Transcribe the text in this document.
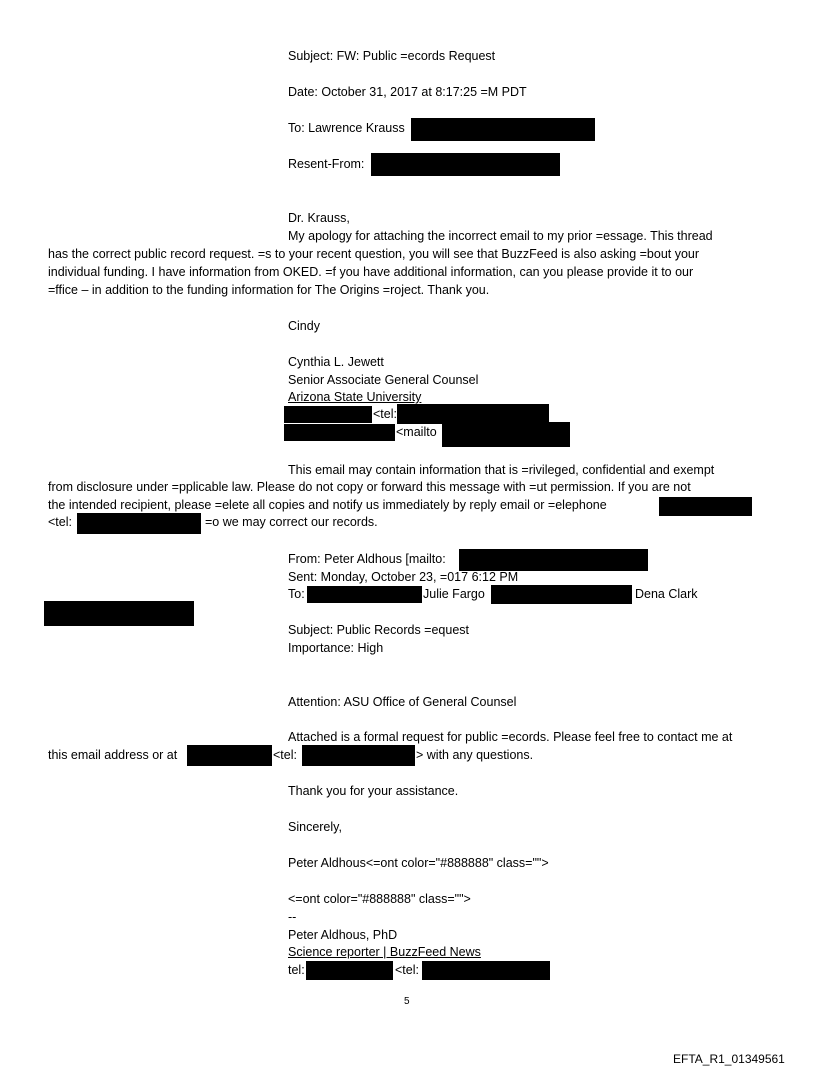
Subject: FW: Public =ecords Request
Date: October 31, 2017 at 8:17:25 =M PDT
To: Lawrence Krauss
Resent-From:
Dr. Krauss,
My apology for attaching the incorrect email to my prior =essage. This thread
has the correct public record request. =s to your recent question, you will see that BuzzFeed is also asking =bout your
individual funding. I have information from OKED. =f you have additional information, can you please provide it to our
=ffice – in addition to the funding information for The Origins =roject. Thank you.
Cindy
Cynthia L. Jewett
Senior Associate General Counsel
Arizona State University
<tel:
<mailto
This email may contain information that is =rivileged, confidential and exempt
from disclosure under =pplicable law. Please do not copy or forward this message with =ut permission. If you are not
the intended recipient, please =elete all copies and notify us immediately by reply email or =elephone
<tel:	=o we may correct our records.
From: Peter Aldhous [mailto:
Sent: Monday, October 23, =017 6:12 PM
To:	Julie Fargo	Dena Clark
Subject: Public Records =equest
Importance: High
Attention: ASU Office of General Counsel
Attached is a formal request for public =ecords. Please feel free to contact me at
this email address or at	<tel:	> with any questions.
Thank you for your assistance.
Sincerely,
Peter Aldhous<=ont color="#888888" class="">
<=ont color="#888888" class="">
--
Peter Aldhous, PhD
Science reporter | BuzzFeed News
tel:	<tel:
5
EFTA_R1_01349561
